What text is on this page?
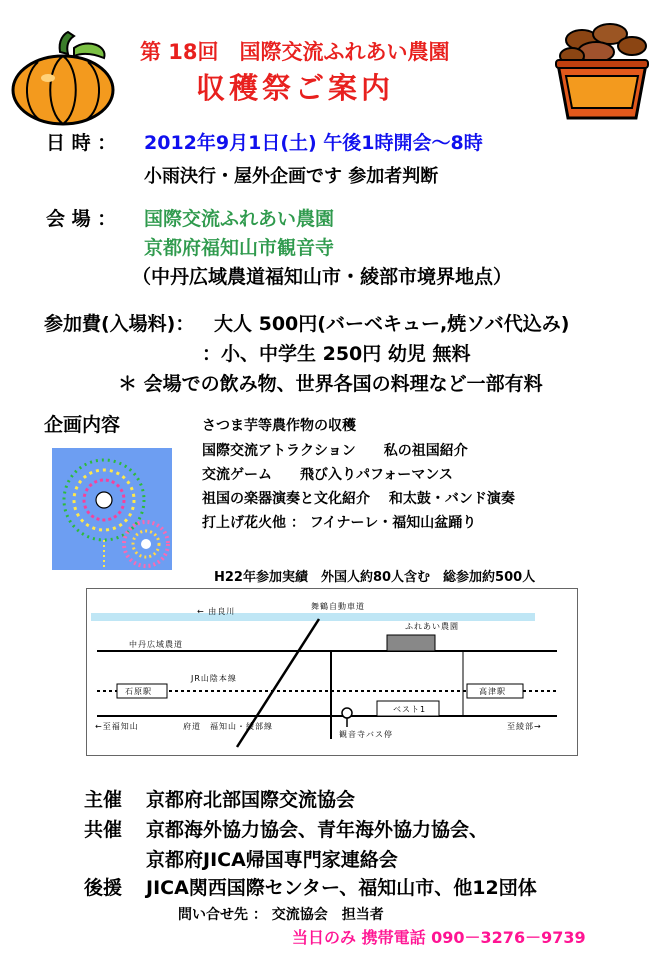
第 18回　国際交流ふれあい農園
収穫祭ご案内
日 時 ： 2012年9月1日(土) 午後1時開会～8時
小雨決行・屋外企画です 参加者判断
会 場 ： 国際交流ふれあい農園
京都府福知山市観音寺
（中丹広域農道福知山市・綾部市境界地点）
参加費(入場料)： 大人 500円(バーベキュー,焼ソバ代込み)
：小、中学生 250円 幼児 無料
＊ 会場での飲み物、世界各国の料理など一部有料
企画内容	さつま芋等農作物の収穫
国際交流アトラクション　　私の祖国紹介
交流ゲーム　　飛び入りパフォーマンス
祖国の楽器演奏と文化紹介　 和太鼓・バンド演奏
打上げ花火他 ： フイナーレ・福知山盆踊り
H22年参加実績　外国人約80人含む　総参加約500人
舞鶴自動車道
← 由良川
ふれあい農園
中丹広域農道
JR山陰本線
石原駅	高津駅
←至福知山	府道　福知山・綾部線
ベスト1
観音寺バス停
至綾部→
主催 京都府北部国際交流協会
共催 京都海外協力協会、青年海外協力協会、
京都府JICA帰国専門家連絡会
後援 JICA関西国際センター、福知山市、他12団体
問い合せ先 ： 交流協会　担当者
当日のみ 携帯電話 090－3276－9739
